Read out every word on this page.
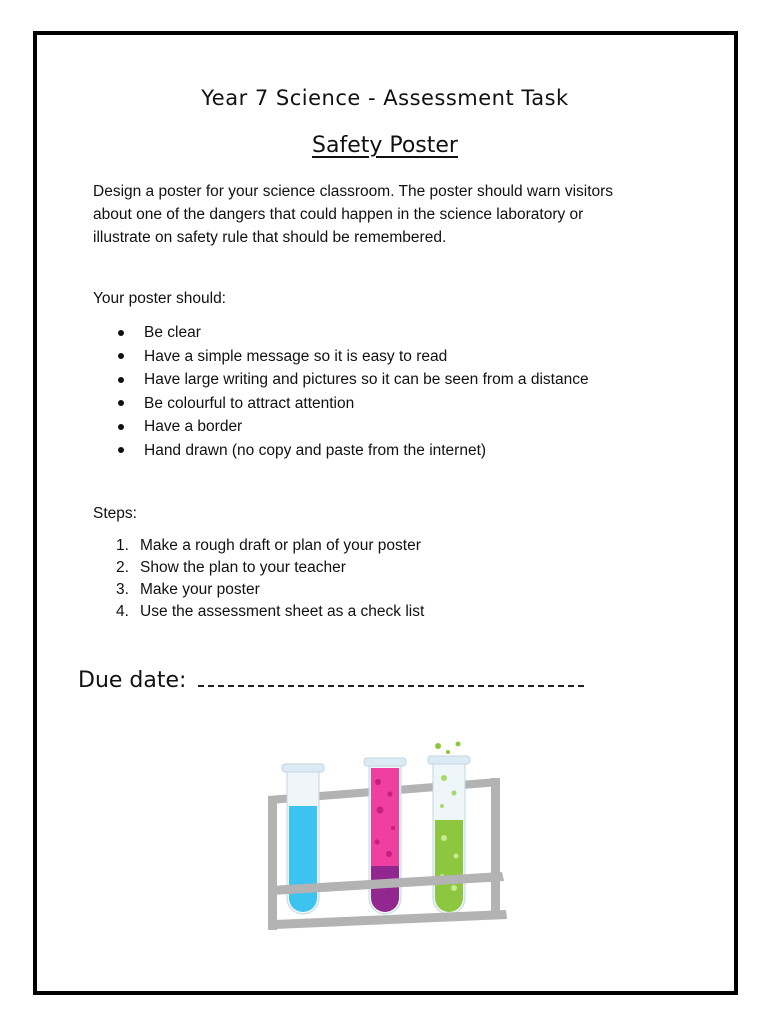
Year 7 Science - Assessment Task
Safety Poster
Design a poster for your science classroom. The poster should warn visitors
about one of the dangers that could happen in the science laboratory or
illustrate on safety rule that should be remembered.
Your poster should:
Be clear
Have a simple message so it is easy to read
Have large writing and pictures so it can be seen from a distance
Be colourful to attract attention
Have a border
Hand drawn (no copy and paste from the internet)
Steps:
1. Make a rough draft or plan of your poster
2. Show the plan to your teacher
3. Make your poster
4. Use the assessment sheet as a check list
Due date:
